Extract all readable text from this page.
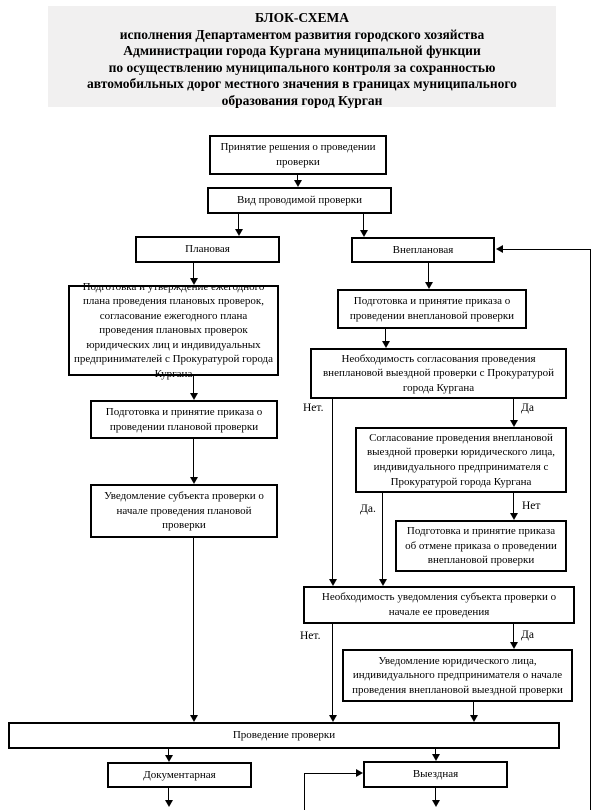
БЛОК-СХЕМА
исполнения Департаментом развития городского хозяйства
Администрации города Кургана муниципальной функции
по осуществлению муниципального контроля за сохранностью
автомобильных дорог местного значения в границах муниципального
образования город Курган
Принятие решения о проведении проверки
Вид проводимой проверки
Плановая	Внеплановая
Подготовка и утверждение ежегодного плана проведения плановых проверок, согласование ежегодного плана проведения плановых проверок юридических лиц и индивидуальных предпринимателей с Прокуратурой города Кургана
Подготовка и принятие приказа о проведении плановой проверки
Уведомление субъекта проверки о начале проведения плановой проверки
Подготовка и принятие приказа о проведении внеплановой проверки
Необходимость согласования проведения внеплановой выездной проверки с Прокуратурой города Кургана
Согласование проведения внеплановой выездной проверки юридического лица, индивидуального предпринимателя с Прокуратурой города Кургана
Подготовка и принятие приказа об отмене приказа о проведении внеплановой проверки
Необходимость уведомления субъекта проверки о начале ее проведения
Уведомление юридического лица, индивидуального предпринимателя о начале проведения внеплановой выездной проверки
Проведение проверки
Документарная	Выездная
Нет.	Да
Да.	Нет
Нет.	Да
